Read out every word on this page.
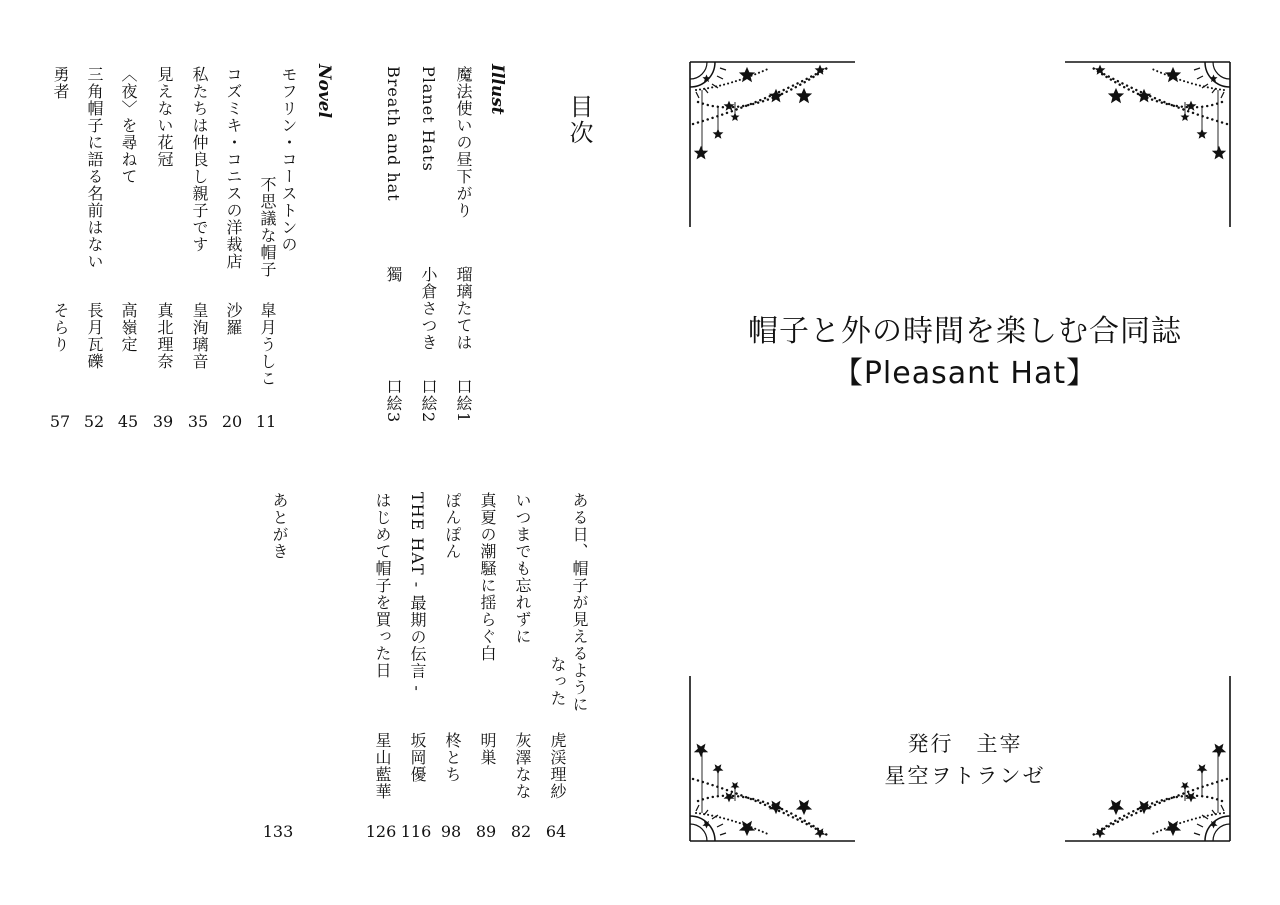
目次
Illust
魔法使いの昼下がり
瑠璃たては
口絵1
Planet Hats
小倉さつき
口絵2
Breath and hat
獨
口絵3
Novel
モフリン・コーストンの
不思議な帽子
皐月うしこ
コズミキ・コニスの洋裁店
沙羅
私たちは仲良し親子です
皇洵璃音
見えない花冠
真北理奈
〈夜〉を尋ねて
高嶺定
三角帽子に語る名前はない
長月瓦礫
勇者
そらり
11
20
35
39
45
52
57
ある日、帽子が見えるように
なった
虎渓理紗
いつまでも忘れずに
灰澤なな
真夏の潮騒に揺らぐ白
明巣
ぽんぽん
柊とち
THE HAT - 最期の伝言 -
坂岡優
はじめて帽子を買った日
星山藍華
あとがき
64
82
89
98
116
126
133
帽子と外の時間を楽しむ合同誌
【Pleasant Hat】
発行　主宰
星空ヲトランゼ
